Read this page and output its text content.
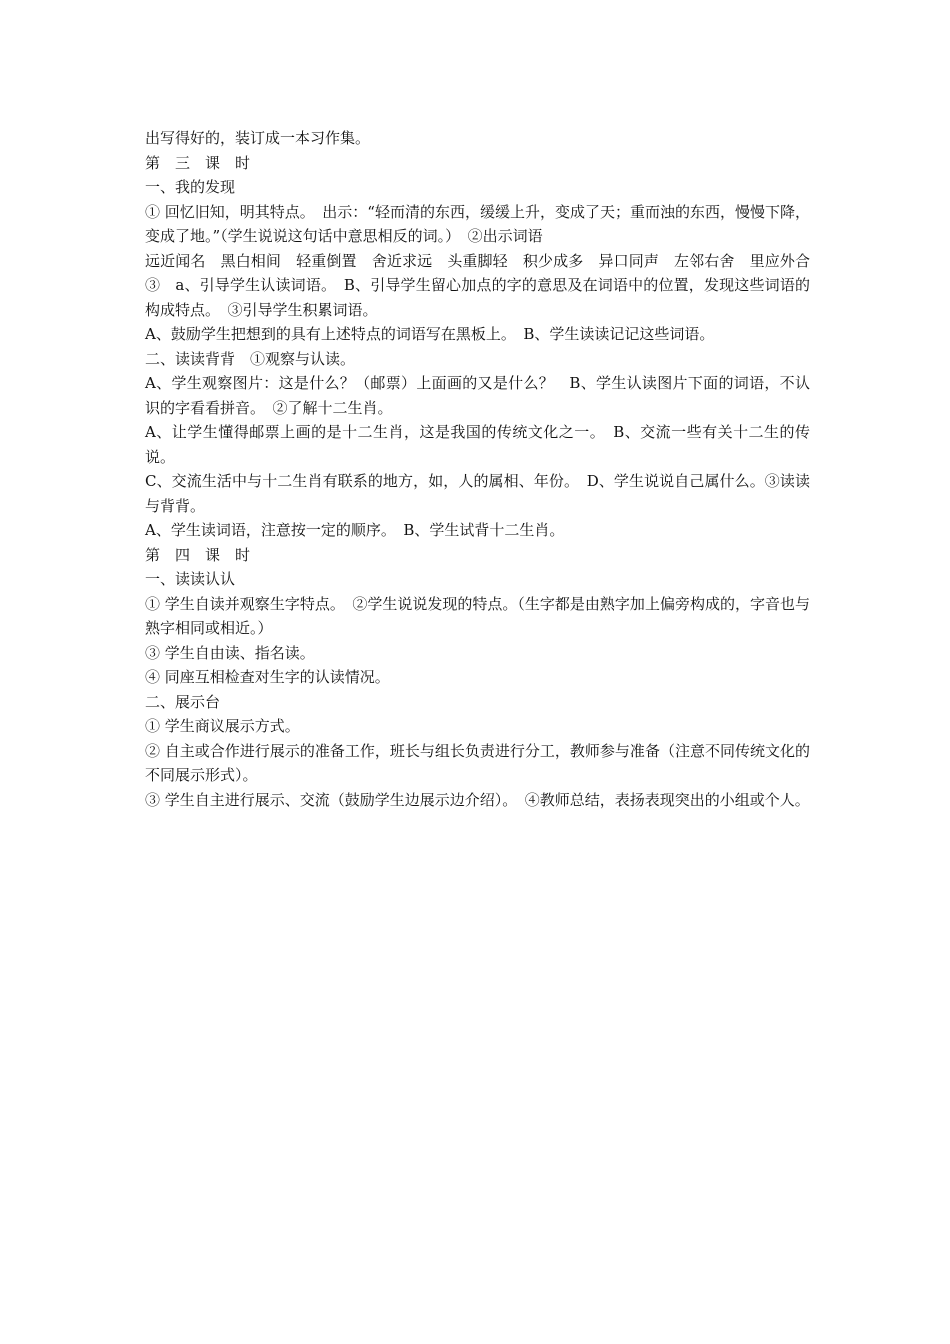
出写得好的，装订成一本习作集。
第　三　课　时
一、我的发现
① 回忆旧知，明其特点。　出示：“轻而清的东西，缓缓上升，变成了天；重而浊的东西，慢慢下降，变成了地。”（学生说说这句话中意思相反的词。）　②出示词语
远近闻名　黑白相间　轻重倒置　舍近求远　头重脚轻　积少成多　异口同声　左邻右舍　里应外合③　a、引导学生认读词语。　B、引导学生留心加点的字的意思及在词语中的位置，发现这些词语的构成特点。　③引导学生积累词语。
A、鼓励学生把想到的具有上述特点的词语写在黑板上。　B、学生读读记记这些词语。
二、读读背背　①观察与认读。
A、学生观察图片：这是什么？（邮票）上面画的又是什么？　B、学生认读图片下面的词语，不认识的字看看拼音。　②了解十二生肖。
A、让学生懂得邮票上画的是十二生肖，这是我国的传统文化之一。　B、交流一些有关十二生的传说。
C、交流生活中与十二生肖有联系的地方，如，人的属相、年份。　D、学生说说自己属什么。③读读与背背。
A、学生读词语，注意按一定的顺序。　B、学生试背十二生肖。
第　四　课　时
一、读读认认
① 学生自读并观察生字特点。　②学生说说发现的特点。（生字都是由熟字加上偏旁构成的，字音也与熟字相同或相近。）
③ 学生自由读、指名读。
④ 同座互相检查对生字的认读情况。
二、展示台
① 学生商议展示方式。
② 自主或合作进行展示的准备工作，班长与组长负责进行分工，教师参与准备（注意不同传统文化的不同展示形式）。
③ 学生自主进行展示、交流（鼓励学生边展示边介绍）。　④教师总结，表扬表现突出的小组或个人。
